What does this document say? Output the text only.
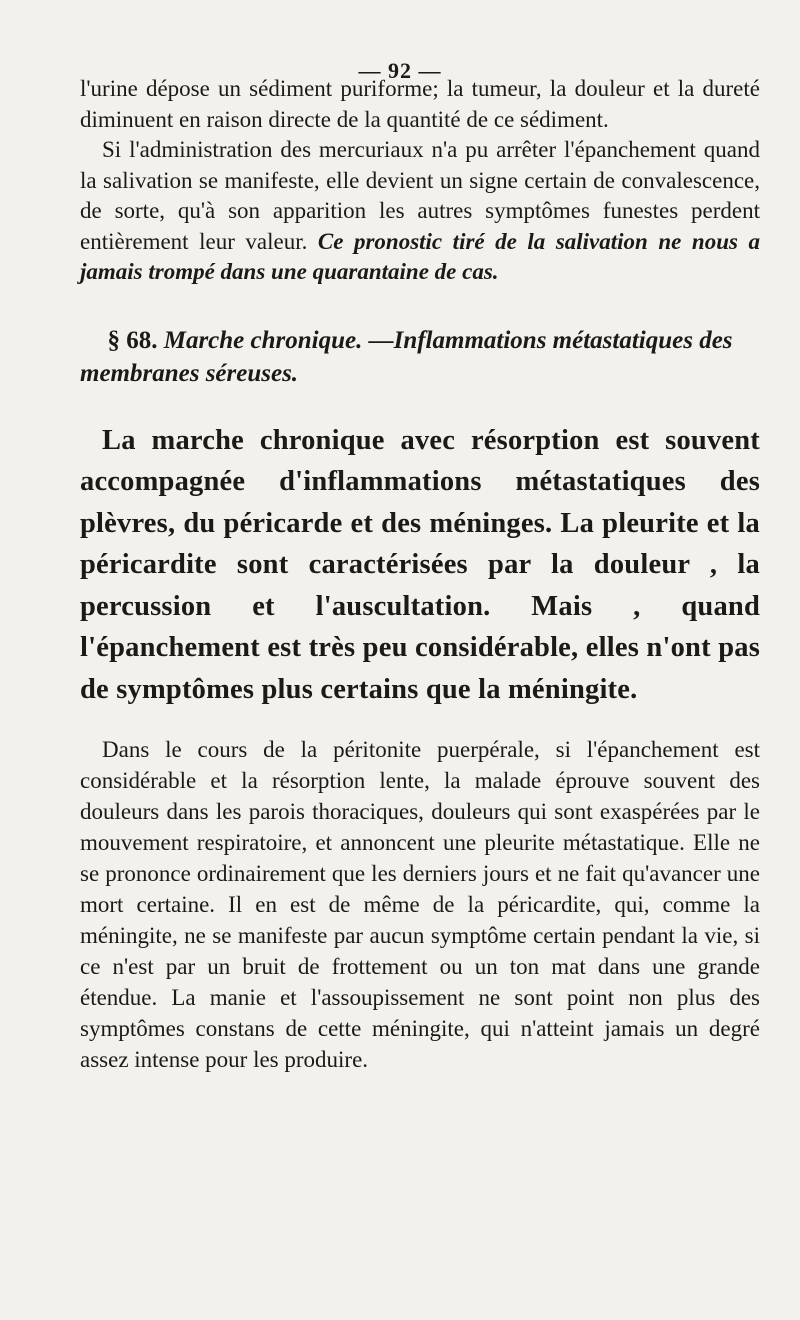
— 92 —

l'urine dépose un sédiment puriforme; la tumeur, la douleur et la dureté diminuent en raison directe de la quantité de ce sédiment.

Si l'administration des mercuriaux n'a pu arrêter l'épanchement quand la salivation se manifeste, elle devient un signe certain de convalescence, de sorte, qu'à son apparition les autres symptômes funestes perdent entièrement leur valeur. Ce pronostic tiré de la salivation ne nous a jamais trompé dans une quarantaine de cas.

§ 68. Marche chronique. —Inflammations métastatiques des membranes séreuses.

La marche chronique avec résorption est souvent accompagnée d'inflammations métastatiques des plèvres, du péricarde et des méninges. La pleurite et la péricardite sont caractérisées par la douleur , la percussion et l'auscultation. Mais , quand l'épanchement est très peu considérable, elles n'ont pas de symptômes plus certains que la méningite.

Dans le cours de la péritonite puerpérale, si l'épanchement est considérable et la résorption lente, la malade éprouve souvent des douleurs dans les parois thoraciques, douleurs qui sont exaspérées par le mouvement respiratoire, et annoncent une pleurite métastatique. Elle ne se prononce ordinairement que les derniers jours et ne fait qu'avancer une mort certaine. Il en est de même de la péricardite, qui, comme la méningite, ne se manifeste par aucun symptôme certain pendant la vie, si ce n'est par un bruit de frottement ou un ton mat dans une grande étendue. La manie et l'assoupissement ne sont point non plus des symptômes constans de cette méningite, qui n'atteint jamais un degré assez intense pour les produire.
